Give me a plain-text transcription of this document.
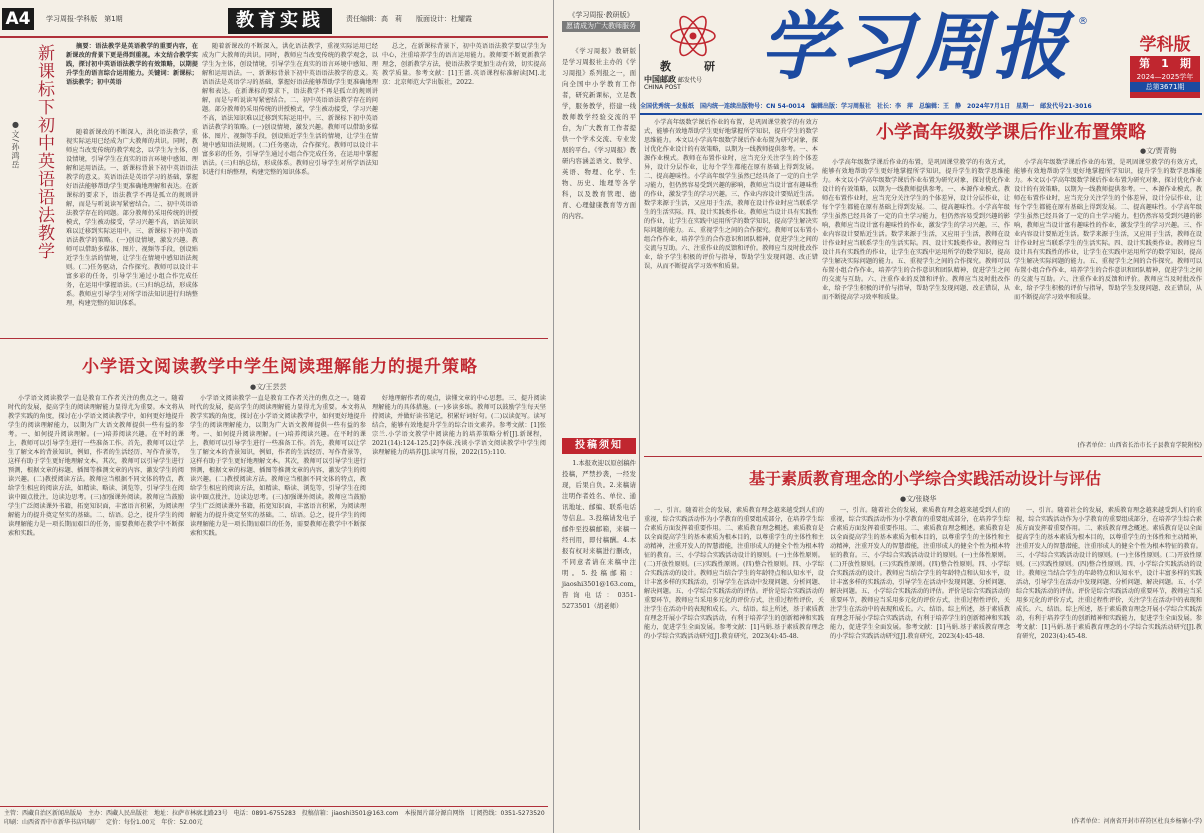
A4	学习周报·学科版　第1期	教育实践	责任编辑：高　莉　　版面设计：杜耀霞
新课标下初中英语语法教学
●文/孙鸿岳

摘要：语法教学是英语教学的重要内容，在新课改的背景下更是得到重视。本文结合教学实践，探讨初中英语语法教学的有效策略，以期提升学生的语言综合运用能力。关键词：新课标；语法教学；初中英语

随着新课改的不断深入，洪化语法教学，重视实际运用已经成为广大教师的共识。同时，教师应当改变传统的教学观念，以学生为主体，创设情境，引导学生在真实的语言环境中感知、理解和运用语法。一、新课标背景下初中英语语法教学的意义。英语语法是英语学习的基础，掌握好语法能够帮助学生更准确地理解和表达。在新课标的要求下，语法教学不再是孤立的规则讲解，而是与听说读写紧密结合。二、初中英语语法教学存在的问题。部分教师仍采用传统的讲授模式，学生被动接受，学习兴趣不高，语法知识难以迁移到实际运用中。三、新课标下初中英语语法教学的策略。(一)创设情境，激发兴趣。教师可以借助多媒体、图片、视频等手段，创设贴近学生生活的情境，让学生在情境中感知语法规则。(二)任务驱动，合作探究。教师可以设计丰富多彩的任务，引导学生通过小组合作完成任务，在运用中掌握语法。(三)归纳总结，形成体系。教师应引导学生对所学语法知识进行归纳整理，构建完整的知识体系。

随着新课改的不断深入，洪化语法教学，重视实际运用已经成为广大教师的共识。同时，教师应当改变传统的教学观念，以学生为主体，创设情境，引导学生在真实的语言环境中感知、理解和运用语法。一、新课标背景下初中英语语法教学的意义。英语语法是英语学习的基础，掌握好语法能够帮助学生更准确地理解和表达。在新课标的要求下，语法教学不再是孤立的规则讲解，而是与听说读写紧密结合。二、初中英语语法教学存在的问题。部分教师仍采用传统的讲授模式，学生被动接受，学习兴趣不高，语法知识难以迁移到实际运用中。三、新课标下初中英语语法教学的策略。(一)创设情境，激发兴趣。教师可以借助多媒体、图片、视频等手段，创设贴近学生生活的情境，让学生在情境中感知语法规则。(二)任务驱动，合作探究。教师可以设计丰富多彩的任务，引导学生通过小组合作完成任务，在运用中掌握语法。(三)归纳总结，形成体系。教师应引导学生对所学语法知识进行归纳整理，构建完整的知识体系。

总之，在新课标背景下，初中英语语法教学要以学生为中心，注重培养学生的语言运用能力。教师要不断更新教学理念，创新教学方法，使语法教学更加生动有效，切实提高教学质量。参考文献：[1]王蔷.英语课程标准解读[M].北京：北京师范大学出版社，2022.

小学语文阅读教学中学生阅读理解能力的提升策略
●文/王芸芸

小学语文阅读教学一直是教育工作者关注的焦点之一。随着时代的发展，提高学生的阅读理解能力显得尤为重要。本文将从教学实践的角度，探讨在小学语文阅读教学中，如何更好地提升学生的阅读理解能力，以期为广大语文教师提供一些有益的参考。一、如何提升阅读理解。(一)培养阅读兴趣。在平时的课上，教师可以引导学生进行一些准备工作。首先，教师可以让学生了解文本的背景知识，例如，作者的生活经历、写作背景等，这样有助于学生更好地理解文本。其次，教师可以引导学生进行预测，根据文章的标题、插图等推测文章的内容，激发学生的阅读兴趣。(二)教授阅读方法。教师应当根据不同文体的特点，教给学生相应的阅读方法，如精读、略读、浏览等，引导学生在阅读中圈点批注，边读边思考。(三)加强课外阅读。教师应当鼓励学生广泛阅读课外书籍，拓宽知识面，丰富语言积累，为阅读理解能力的提升奠定坚实的基础。二、结语。总之，提升学生的阅读理解能力是一项长期而艰巨的任务，需要教师在教学中不断探索和实践。

小学语文阅读教学一直是教育工作者关注的焦点之一。随着时代的发展，提高学生的阅读理解能力显得尤为重要。本文将从教学实践的角度，探讨在小学语文阅读教学中，如何更好地提升学生的阅读理解能力，以期为广大语文教师提供一些有益的参考。一、如何提升阅读理解。(一)培养阅读兴趣。在平时的课上，教师可以引导学生进行一些准备工作。首先，教师可以让学生了解文本的背景知识，例如，作者的生活经历、写作背景等，这样有助于学生更好地理解文本。其次，教师可以引导学生进行预测，根据文章的标题、插图等推测文章的内容，激发学生的阅读兴趣。(二)教授阅读方法。教师应当根据不同文体的特点，教给学生相应的阅读方法，如精读、略读、浏览等，引导学生在阅读中圈点批注，边读边思考。(三)加强课外阅读。教师应当鼓励学生广泛阅读课外书籍，拓宽知识面，丰富语言积累，为阅读理解能力的提升奠定坚实的基础。二、结语。总之，提升学生的阅读理解能力是一项长期而艰巨的任务，需要教师在教学中不断探索和实践。

好地理解作者的观点，读懂文章的中心思想。三、提升阅读理解能力的具体措施。(一)多读多练。教师可以鼓励学生每天坚持阅读，并做好读书笔记，积累好词好句。(二)以读促写。读写结合，能够有效地提升学生的综合语文素养。参考文献：[1]张宗兰.小学语文教学中阅读能力的培养策略分析[J].新课程，2021(14):124-125.[2]李妹.浅谈小学语文阅读教学中学生阅读理解能力的培养[J].读写月报，2022(15):110.

主管：西藏自治区新闻出版局　主办：西藏人民出版社　地址：拉萨市林廓北路23号　电话：0891-6755283　投稿信箱：jiaoshi3501@163.com　本报图片部分源自网络　订阅热线：0351-5273520　印刷：山西省晋中市新华书店印刷厂　定价：每份1.00元　年价：52.00元
《学习周报·教研版》
愿请成为广大教师服务
教	研
中国邮政 邮发代号
CHINA POST	学习周报 ®
学科版
第　1　期
2024—2025学年
总第3671期
全国优秀统一发报纸　国内统一连续出版物号：CN 54-0014　编辑出版：学习周报社　社长：李　萍　总编辑：王　静　2024年7月1日　星期一　邮发代号21-3016

《学习周报》教研版是学习周报社主办的《学习周报》系列报之一，面向全国中小学教育工作者，研究新课标，立足教学，服务教学，搭建一线教师教学经验交流的平台，为广大教育工作者提供一个学术交流、专业发展的平台。《学习周报》教研内容涵盖语文、数学、英语、物理、化学、生物、历史、地理等各学科，以及教育管理、德育、心理健康教育等方面的内容。

投稿须知

1.本报欢迎以原创稿件投稿，严禁抄袭，一经发现，后果自负。2.来稿请注明作者姓名、单位、通讯地址、邮编、联系电话等信息。3.投稿请发电子邮件至投稿邮箱，来稿一经刊用，即付稿酬。4.本报有权对来稿进行删改，不同意者请在来稿中注明。5.投稿邮箱：jiaoshi3501@163.com。咨询电话：0351-5273501（胡老师）

小学高年级数学课后作业的布置，是巩固课堂教学的有效方式，能够有效地帮助学生更好地掌握所学知识，提升学生的数学思维能力。本文以小学高年级数学课后作业布置为研究对象，探讨优化作业设计的有效策略，以期为一线教师提供参考。一、本源作业模式。教师在布置作业时，应当充分关注学生的个体差异，设计分层作业，让每个学生都能在原有基础上得到发展。二、提高趣味性。小学高年级学生虽然已经具备了一定的自主学习能力，但仍然容易受到兴趣的影响，教师应当设计富有趣味性的作业，激发学生的学习兴趣。三、作业内容设计要贴近生活。数学来源于生活，又应用于生活，教师在设计作业时应当联系学生的生活实际。四、设计实践类作业。教师应当设计具有实践性的作业，让学生在实践中运用所学的数学知识，提高学生解决实际问题的能力。五、重视学生之间的合作探究。教师可以布置小组合作作业，培养学生的合作意识和团队精神，促进学生之间的交流与互助。六、注重作业的反馈和评价。教师应当及时批改作业，给予学生积极的评价与指导，帮助学生发现问题、改正错误，从而不断提高学习效率和质量。

小学高年级数学课后作业布置策略
●文/贾青梅

小学高年级数学课后作业的布置，是巩固课堂教学的有效方式，能够有效地帮助学生更好地掌握所学知识，提升学生的数学思维能力。本文以小学高年级数学课后作业布置为研究对象，探讨优化作业设计的有效策略，以期为一线教师提供参考。一、本源作业模式。教师在布置作业时，应当充分关注学生的个体差异，设计分层作业，让每个学生都能在原有基础上得到发展。二、提高趣味性。小学高年级学生虽然已经具备了一定的自主学习能力，但仍然容易受到兴趣的影响，教师应当设计富有趣味性的作业，激发学生的学习兴趣。三、作业内容设计要贴近生活。数学来源于生活，又应用于生活，教师在设计作业时应当联系学生的生活实际。四、设计实践类作业。教师应当设计具有实践性的作业，让学生在实践中运用所学的数学知识，提高学生解决实际问题的能力。五、重视学生之间的合作探究。教师可以布置小组合作作业，培养学生的合作意识和团队精神，促进学生之间的交流与互助。六、注重作业的反馈和评价。教师应当及时批改作业，给予学生积极的评价与指导，帮助学生发现问题、改正错误，从而不断提高学习效率和质量。

小学高年级数学课后作业的布置，是巩固课堂教学的有效方式，能够有效地帮助学生更好地掌握所学知识，提升学生的数学思维能力。本文以小学高年级数学课后作业布置为研究对象，探讨优化作业设计的有效策略，以期为一线教师提供参考。一、本源作业模式。教师在布置作业时，应当充分关注学生的个体差异，设计分层作业，让每个学生都能在原有基础上得到发展。二、提高趣味性。小学高年级学生虽然已经具备了一定的自主学习能力，但仍然容易受到兴趣的影响，教师应当设计富有趣味性的作业，激发学生的学习兴趣。三、作业内容设计要贴近生活。数学来源于生活，又应用于生活，教师在设计作业时应当联系学生的生活实际。四、设计实践类作业。教师应当设计具有实践性的作业，让学生在实践中运用所学的数学知识，提高学生解决实际问题的能力。五、重视学生之间的合作探究。教师可以布置小组合作作业，培养学生的合作意识和团队精神，促进学生之间的交流与互助。六、注重作业的反馈和评价。教师应当及时批改作业，给予学生积极的评价与指导，帮助学生发现问题、改正错误，从而不断提高学习效率和质量。

(作者单位：山西省长治市长子县教育学院附校)
基于素质教育理念的小学综合实践活动设计与评估
●文/张晓华

一、引言。随着社会的发展，素质教育理念越来越受到人们的重视，综合实践活动作为小学教育的重要组成部分，在培养学生综合素质方面发挥着重要作用。二、素质教育理念概述。素质教育是以全面提高学生的基本素质为根本目的，以尊重学生的主体性和主动精神，注重开发人的智慧潜能，注重形成人的健全个性为根本特征的教育。三、小学综合实践活动设计的原则。(一)主体性原则。(二)开放性原则。(三)实践性原则。(四)整合性原则。四、小学综合实践活动的设计。教师应当结合学生的年龄特点和认知水平，设计丰富多样的实践活动，引导学生在活动中发现问题、分析问题、解决问题。五、小学综合实践活动的评估。评价是综合实践活动的重要环节，教师应当采用多元化的评价方式，注重过程性评价，关注学生在活动中的表现和成长。六、结语。综上所述，基于素质教育理念开展小学综合实践活动，有利于培养学生的创新精神和实践能力，促进学生全面发展。参考文献：[1]马娟.基于素质教育理念的小学综合实践活动研究[J].教育研究，2023(4):45-48.

一、引言。随着社会的发展，素质教育理念越来越受到人们的重视，综合实践活动作为小学教育的重要组成部分，在培养学生综合素质方面发挥着重要作用。二、素质教育理念概述。素质教育是以全面提高学生的基本素质为根本目的，以尊重学生的主体性和主动精神，注重开发人的智慧潜能，注重形成人的健全个性为根本特征的教育。三、小学综合实践活动设计的原则。(一)主体性原则。(二)开放性原则。(三)实践性原则。(四)整合性原则。四、小学综合实践活动的设计。教师应当结合学生的年龄特点和认知水平，设计丰富多样的实践活动，引导学生在活动中发现问题、分析问题、解决问题。五、小学综合实践活动的评估。评价是综合实践活动的重要环节，教师应当采用多元化的评价方式，注重过程性评价，关注学生在活动中的表现和成长。六、结语。综上所述，基于素质教育理念开展小学综合实践活动，有利于培养学生的创新精神和实践能力，促进学生全面发展。参考文献：[1]马娟.基于素质教育理念的小学综合实践活动研究[J].教育研究，2023(4):45-48.

一、引言。随着社会的发展，素质教育理念越来越受到人们的重视，综合实践活动作为小学教育的重要组成部分，在培养学生综合素质方面发挥着重要作用。二、素质教育理念概述。素质教育是以全面提高学生的基本素质为根本目的，以尊重学生的主体性和主动精神，注重开发人的智慧潜能，注重形成人的健全个性为根本特征的教育。三、小学综合实践活动设计的原则。(一)主体性原则。(二)开放性原则。(三)实践性原则。(四)整合性原则。四、小学综合实践活动的设计。教师应当结合学生的年龄特点和认知水平，设计丰富多样的实践活动，引导学生在活动中发现问题、分析问题、解决问题。五、小学综合实践活动的评估。评价是综合实践活动的重要环节，教师应当采用多元化的评价方式，注重过程性评价，关注学生在活动中的表现和成长。六、结语。综上所述，基于素质教育理念开展小学综合实践活动，有利于培养学生的创新精神和实践能力，促进学生全面发展。参考文献：[1]马娟.基于素质教育理念的小学综合实践活动研究[J].教育研究，2023(4):45-48.

(作者单位：河南省开封市祥符区杜良乡杨寨小学)
